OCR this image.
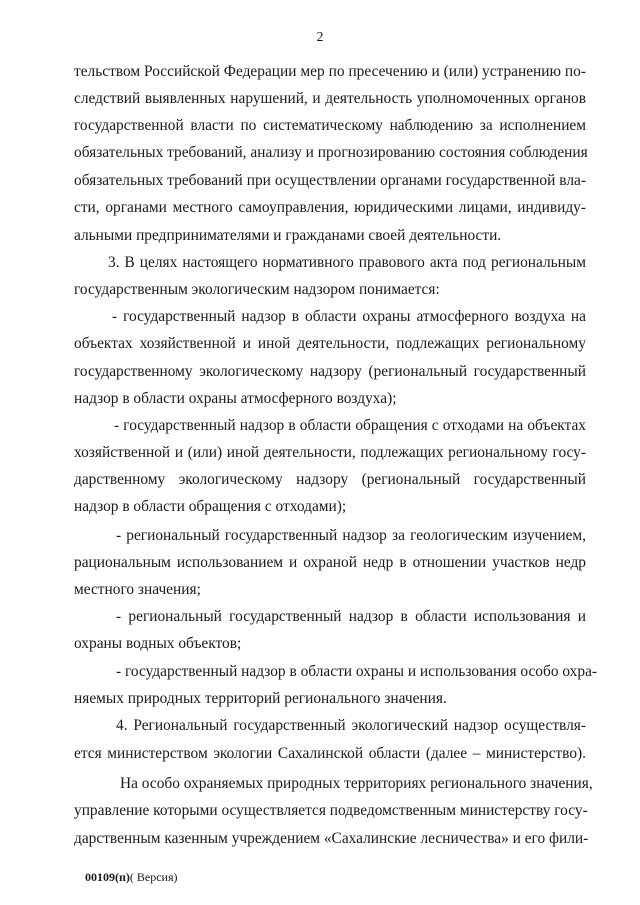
2
тельством Российской Федерации мер по пресечению и (или) устранению по-
следствий выявленных нарушений, и деятельность уполномоченных органов
государственной власти по систематическому наблюдению за исполнением
обязательных требований, анализу и прогнозированию состояния соблюдения
обязательных требований при осуществлении органами государственной вла-
сти, органами местного самоуправления, юридическими лицами, индивиду-
альными предпринимателями и гражданами своей деятельности.
3. В целях настоящего нормативного правового акта под региональным
государственным экологическим надзором понимается:
- государственный надзор в области охраны атмосферного воздуха на
объектах хозяйственной и иной деятельности, подлежащих региональному
государственному экологическому надзору (региональный государственный
надзор в области охраны атмосферного воздуха);
- государственный надзор в области обращения с отходами на объектах
хозяйственной и (или) иной деятельности, подлежащих региональному госу-
дарственному экологическому надзору (региональный государственный
надзор в области обращения с отходами);
- региональный государственный надзор за геологическим изучением,
рациональным использованием и охраной недр в отношении участков недр
местного значения;
- региональный государственный надзор в области использования и
охраны водных объектов;
- государственный надзор в области охраны и использования особо охра-
няемых природных территорий регионального значения.
4. Региональный государственный экологический надзор осуществля-
ется министерством экологии Сахалинской области (далее – министерство).
На особо охраняемых природных территориях регионального значения,
управление которыми осуществляется подведомственным министерству госу-
дарственным казенным учреждением «Сахалинские лесничества» и его фили-
00109(п)( Версия)
